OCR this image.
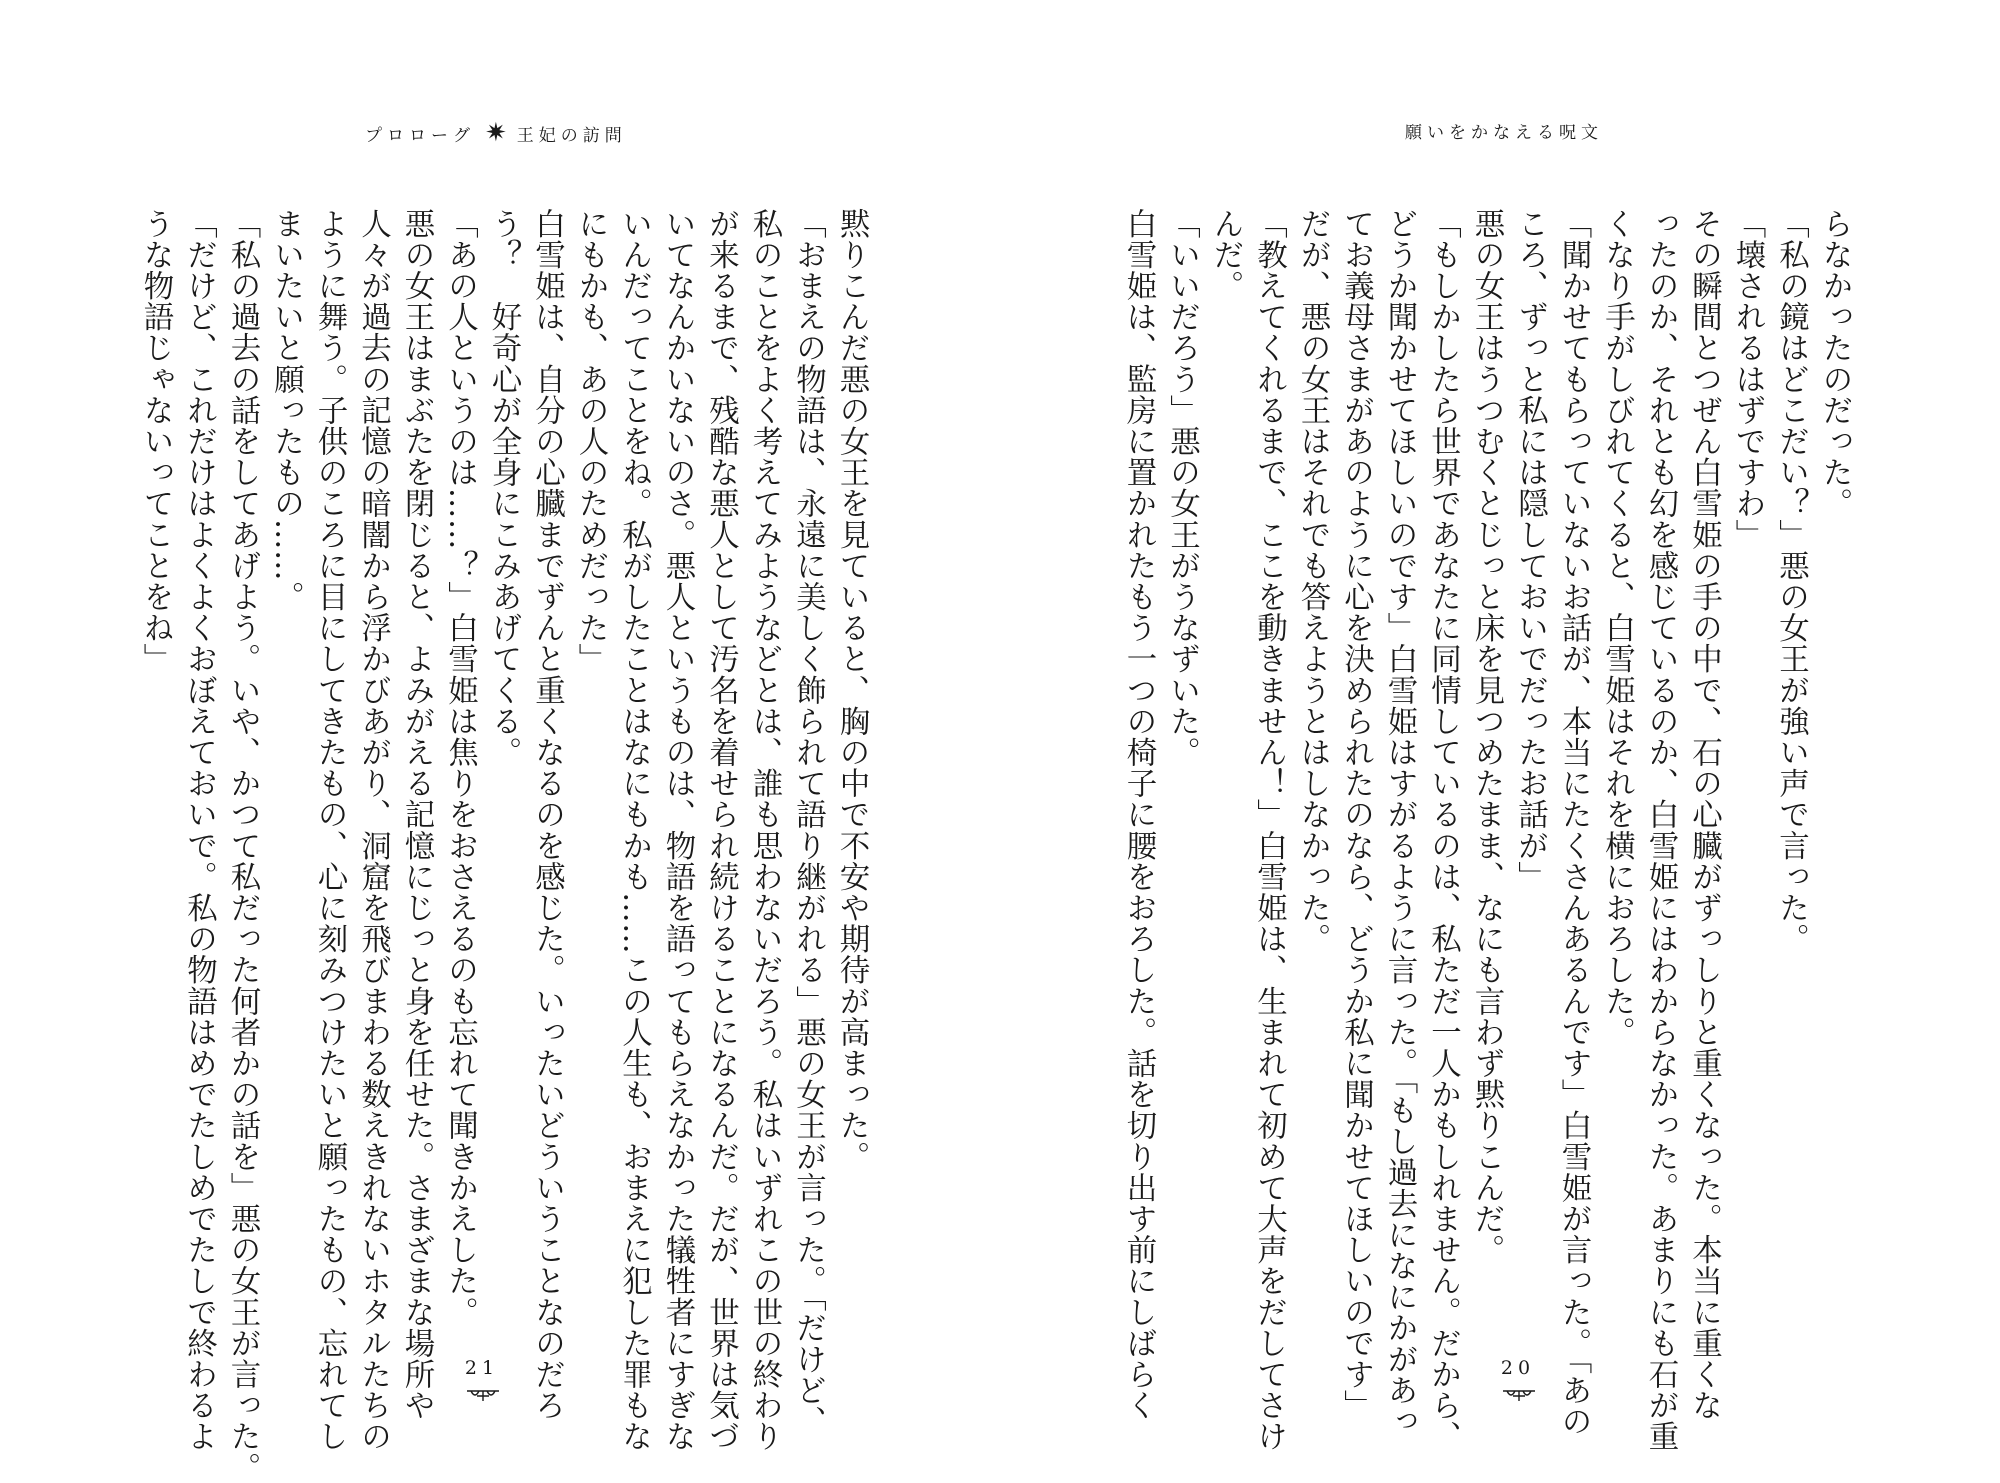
プロローグ ✷ 王妃の訪問
黙りこんだ悪の女王を見ていると、胸の中で不安や期待が高まった。
「おまえの物語は、永遠に美しく飾られて語り継がれる」悪の女王が言った。「だけど、
私のことをよく考えてみようなどとは、誰も思わないだろう。私はいずれこの世の終わり
が来るまで、残酷な悪人として汚名を着せられ続けることになるんだ。だが、世界は気づ
いてなんかいないのさ。悪人というものは、物語を語ってもらえなかった犠牲者にすぎな
いんだってことをね。私がしたことはなにもかも……この人生も、おまえに犯した罪もな
にもかも、あの人のためだった」
白雪姫は、自分の心臓までずんと重くなるのを感じた。いったいどういうことなのだろ
う？　好奇心が全身にこみあげてくる。
「あの人というのは……？」白雪姫は焦りをおさえるのも忘れて聞きかえした。
悪の女王はまぶたを閉じると、よみがえる記憶にじっと身を任せた。さまざまな場所や
人々が過去の記憶の暗闇から浮かびあがり、洞窟を飛びまわる数えきれないホタルたちの
ように舞う。子供のころに目にしてきたもの、心に刻みつけたいと願ったもの、忘れてし
まいたいと願ったもの……。
「私の過去の話をしてあげよう。いや、かつて私だった何者かの話を」悪の女王が言った。
「だけど、これだけはよくよくおぼえておいで。私の物語はめでたしめでたしで終わるよ
うな物語じゃないってことをね」
21
願いをかなえる呪文
らなかったのだった。
「私の鏡はどこだい？」悪の女王が強い声で言った。
「壊されるはずですわ」
その瞬間とつぜん白雪姫の手の中で、石の心臓がずっしりと重くなった。本当に重くな
ったのか、それとも幻を感じているのか、白雪姫にはわからなかった。あまりにも石が重
くなり手がしびれてくると、白雪姫はそれを横におろした。
「聞かせてもらっていないお話が、本当にたくさんあるんです」白雪姫が言った。「あの
ころ、ずっと私には隠しておいでだったお話が」
悪の女王はうつむくとじっと床を見つめたまま、なにも言わず黙りこんだ。
「もしかしたら世界であなたに同情しているのは、私ただ一人かもしれません。だから、
どうか聞かせてほしいのです」白雪姫はすがるように言った。「もし過去になにかがあっ
てお義母さまがあのように心を決められたのなら、どうか私に聞かせてほしいのです」
だが、悪の女王はそれでも答えようとはしなかった。
「教えてくれるまで、ここを動きません！」白雪姫は、生まれて初めて大声をだしてさけ
んだ。
「いいだろう」悪の女王がうなずいた。
白雪姫は、監房に置かれたもう一つの椅子に腰をおろした。話を切り出す前にしばらく	20
